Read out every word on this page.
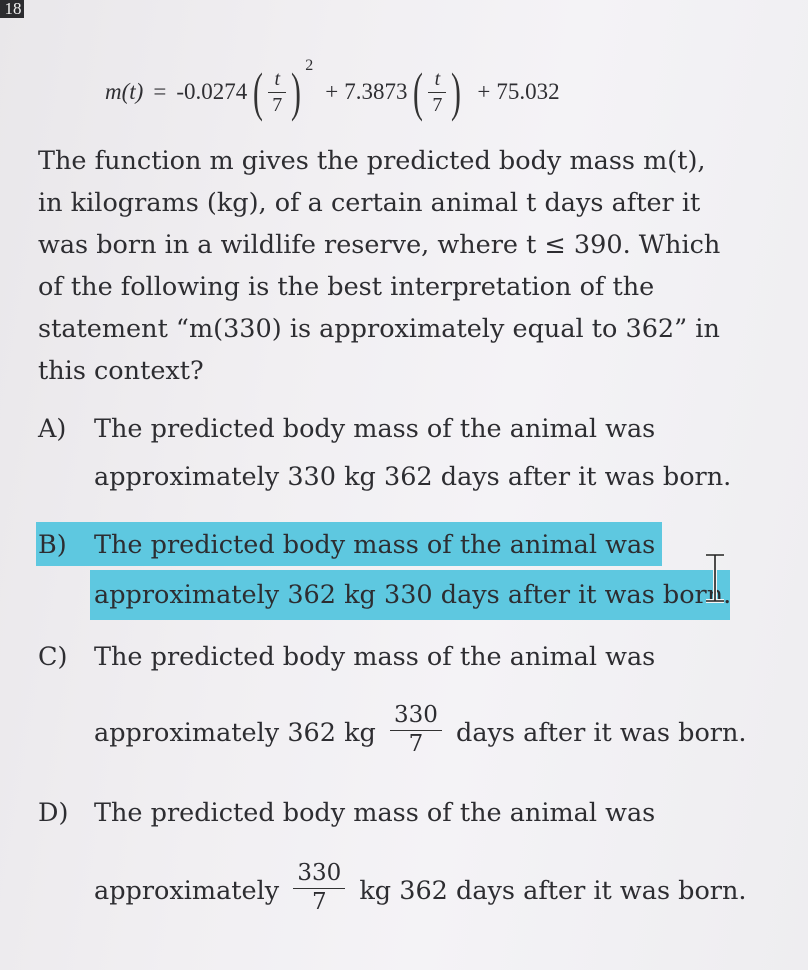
18
m(t) = -0.0274 ( $\frac{t}{7}$ ) 2
+ 7.3873 ( $\frac{t}{7}$ ) + 75.032

The function m gives the predicted body mass m(t),

in kilograms (kg), of a certain animal t days after it

was born in a wildlife reserve, where t ≤ 390. Which

of the following is the best interpretation of the

statement “m(330) is approximately equal to 362” in

this context?

A) The predicted body mass of the animal was
approximately 330 kg 362 days after it was born.
B) The predicted body mass of the animal was
approximately 362 kg 330 days after it was born.
C) The predicted body mass of the animal was
approximately 362 kg $\frac{330}{7}$ days after it was born.
D) The predicted body mass of the animal was
approximately $\frac{330}{7}$ kg 362 days after it was born.
